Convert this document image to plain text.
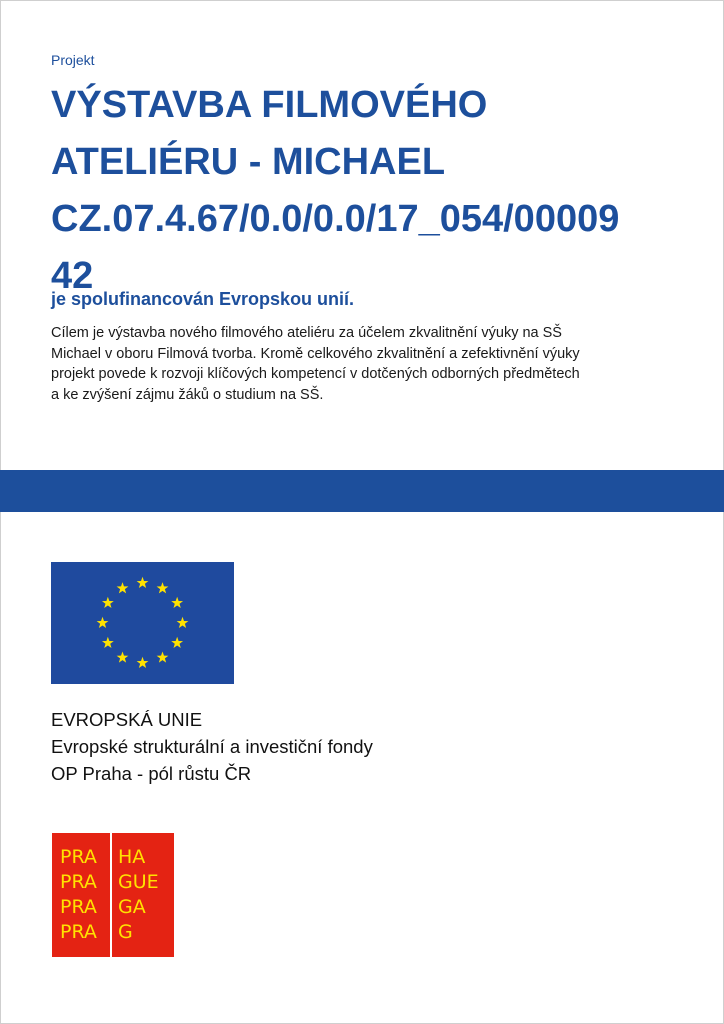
Projekt
VÝSTAVBA FILMOVÉHO
ATELIÉRU - MICHAEL
CZ.07.4.67/0.0/0.0/17_054/00009
42
je spolufinancován Evropskou unií.
Cílem je výstavba nového filmového ateliéru za účelem zkvalitnění výuky na SŠ
Michael v oboru Filmová tvorba. Kromě celkového zkvalitnění a zefektivnění výuky
projekt povede k rozvoji klíčových kompetencí v dotčených odborných předmětech
a ke zvýšení zájmu žáků o studium na SŠ.
EVROPSKÁ UNIE
Evropské strukturální a investiční fondy
OP Praha - pól růstu ČR
PRA
PRA
PRA
PRA
HA
GUE
GA
G
